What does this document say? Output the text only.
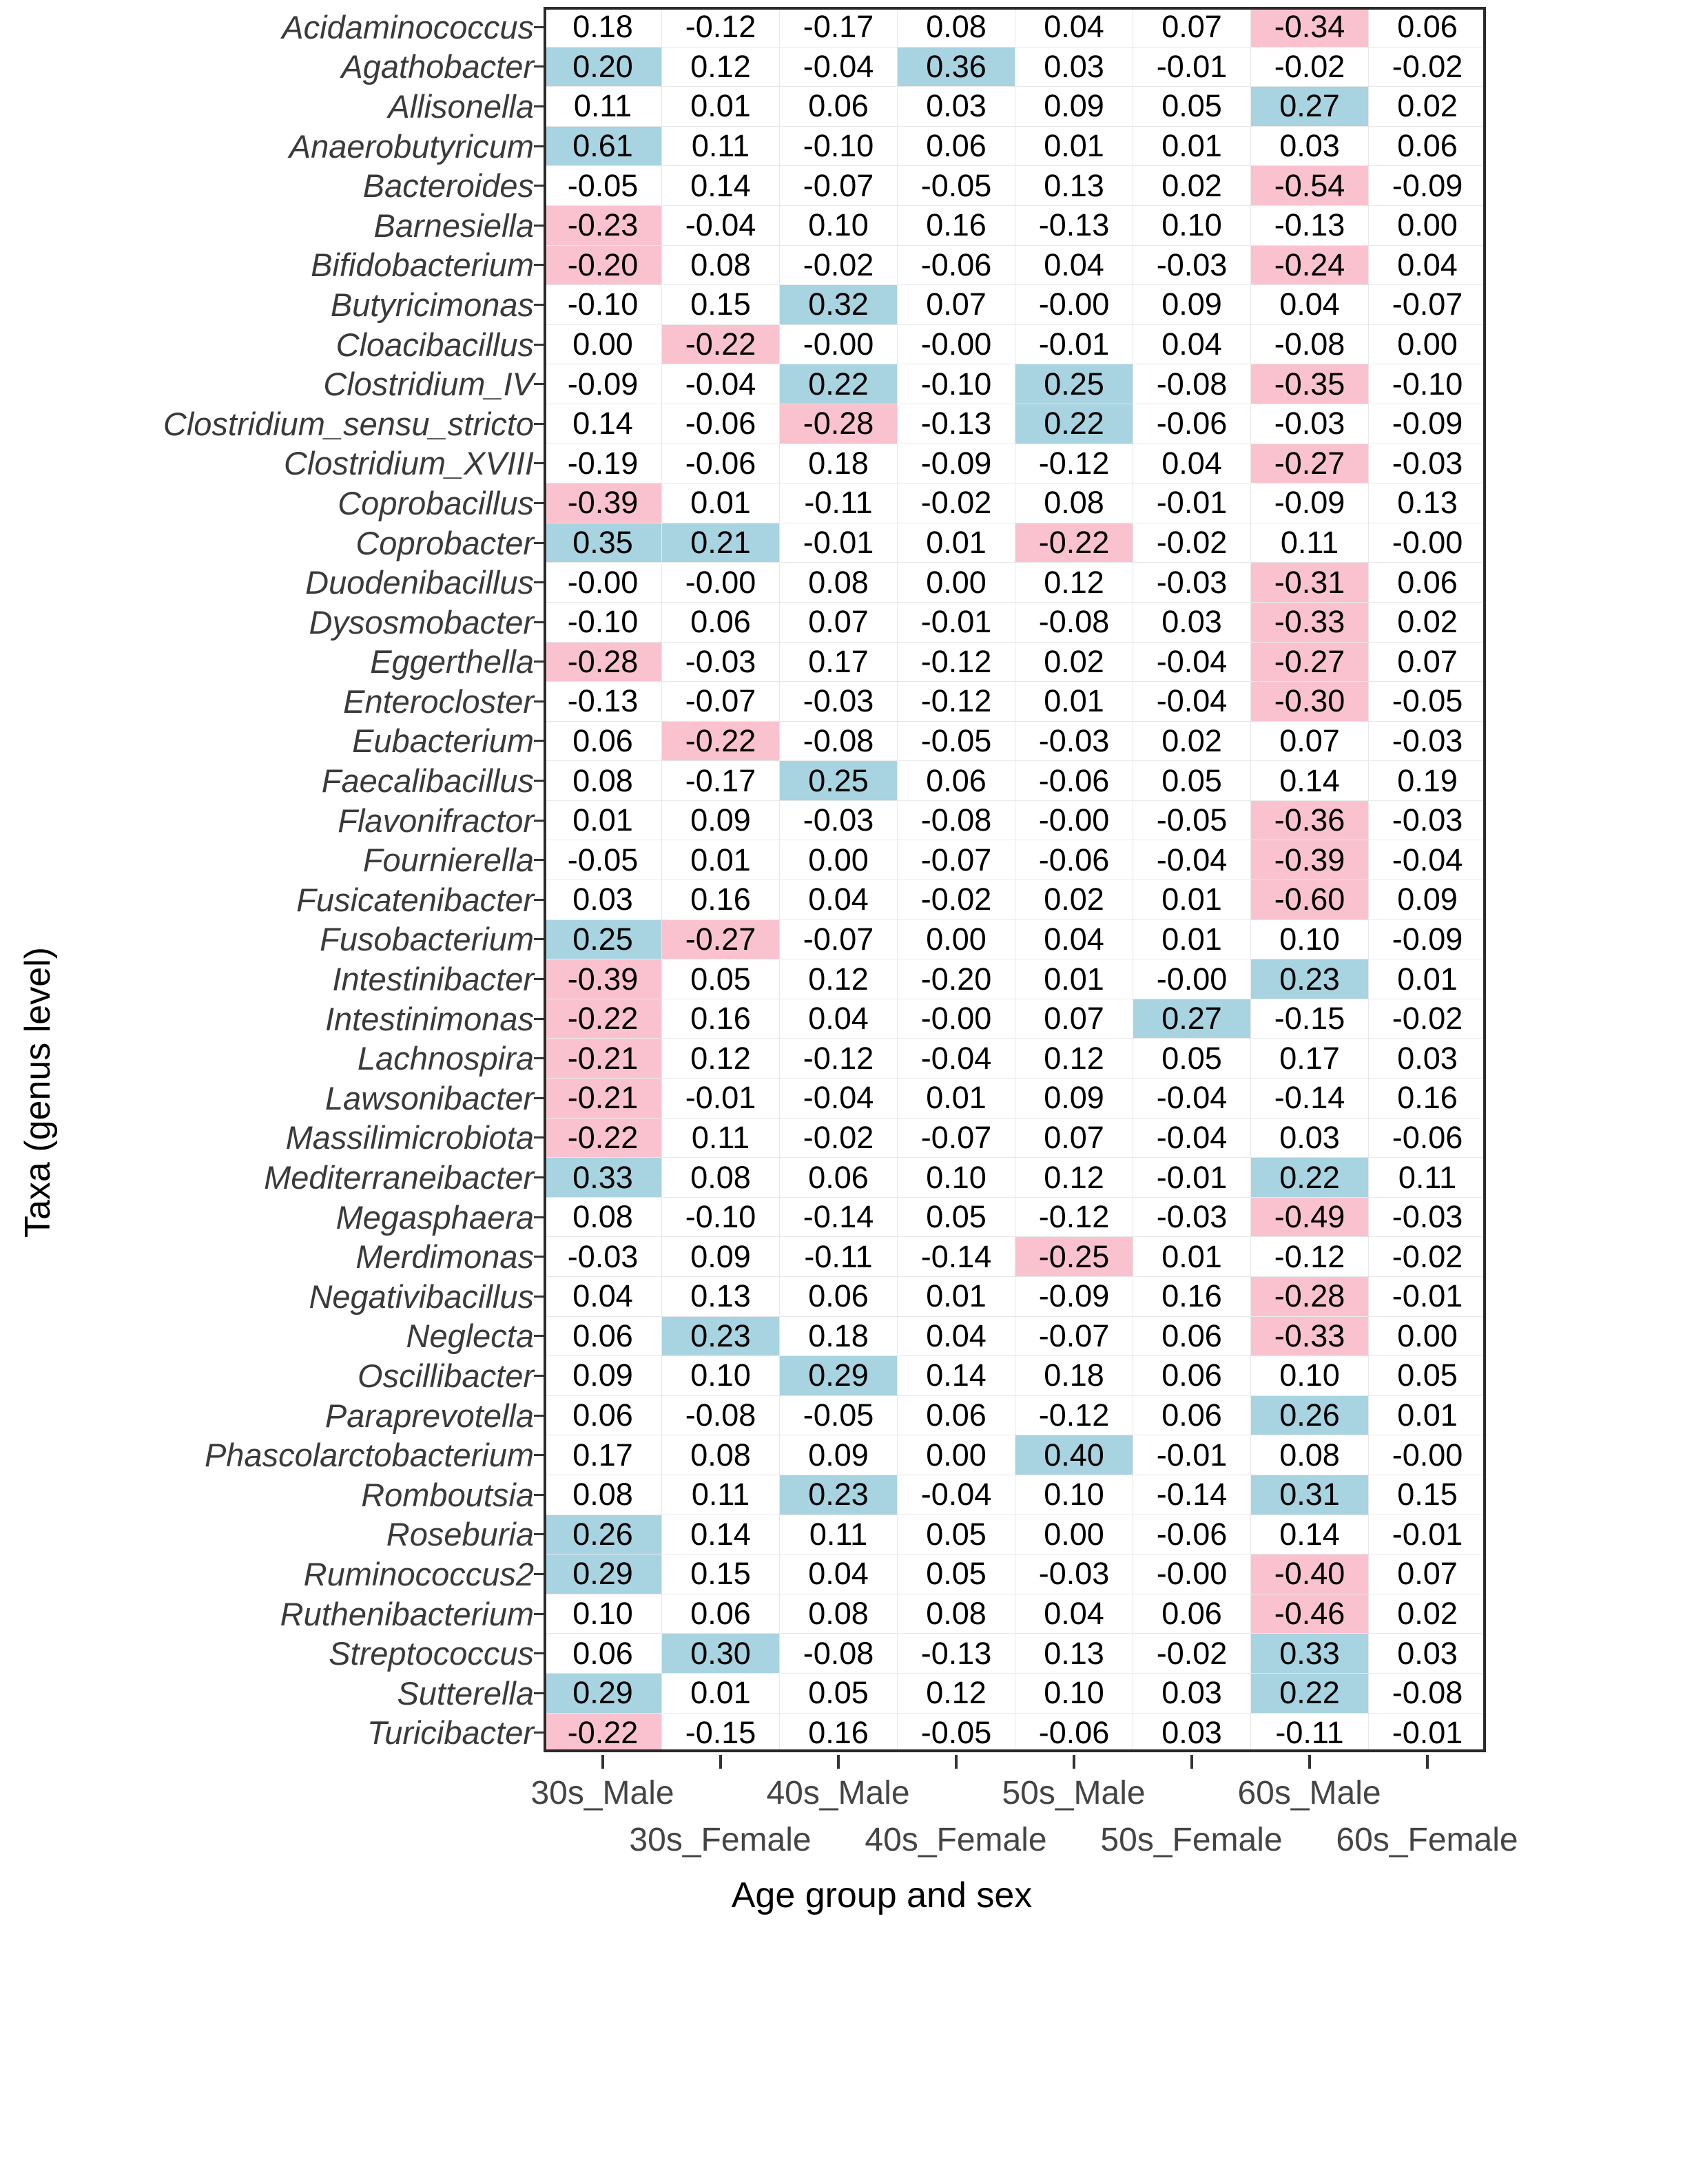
Taxa (genus level)
Acidaminococcus		0.18	-0.12	-0.17	0.08	0.04	0.07	-0.34	0.06
Agathobacter		0.20	0.12	-0.04	0.36	0.03	-0.01	-0.02	-0.02
Allisonella		0.11	0.01	0.06	0.03	0.09	0.05	0.27	0.02
Anaerobutyricum		0.61	0.11	-0.10	0.06	0.01	0.01	0.03	0.06
Bacteroides		-0.05	0.14	-0.07	-0.05	0.13	0.02	-0.54	-0.09
Barnesiella		-0.23	-0.04	0.10	0.16	-0.13	0.10	-0.13	0.00
Bifidobacterium		-0.20	0.08	-0.02	-0.06	0.04	-0.03	-0.24	0.04
Butyricimonas		-0.10	0.15	0.32	0.07	-0.00	0.09	0.04	-0.07
Cloacibacillus		0.00	-0.22	-0.00	-0.00	-0.01	0.04	-0.08	0.00
Clostridium_IV		-0.09	-0.04	0.22	-0.10	0.25	-0.08	-0.35	-0.10
Clostridium_sensu_stricto		0.14	-0.06	-0.28	-0.13	0.22	-0.06	-0.03	-0.09
Clostridium_XVIII		-0.19	-0.06	0.18	-0.09	-0.12	0.04	-0.27	-0.03
Coprobacillus		-0.39	0.01	-0.11	-0.02	0.08	-0.01	-0.09	0.13
Coprobacter		0.35	0.21	-0.01	0.01	-0.22	-0.02	0.11	-0.00
Duodenibacillus		-0.00	-0.00	0.08	0.00	0.12	-0.03	-0.31	0.06
Dysosmobacter		-0.10	0.06	0.07	-0.01	-0.08	0.03	-0.33	0.02
Eggerthella		-0.28	-0.03	0.17	-0.12	0.02	-0.04	-0.27	0.07
Enterocloster		-0.13	-0.07	-0.03	-0.12	0.01	-0.04	-0.30	-0.05
Eubacterium		0.06	-0.22	-0.08	-0.05	-0.03	0.02	0.07	-0.03
Faecalibacillus		0.08	-0.17	0.25	0.06	-0.06	0.05	0.14	0.19
Flavonifractor		0.01	0.09	-0.03	-0.08	-0.00	-0.05	-0.36	-0.03
Fournierella		-0.05	0.01	0.00	-0.07	-0.06	-0.04	-0.39	-0.04
Fusicatenibacter		0.03	0.16	0.04	-0.02	0.02	0.01	-0.60	0.09
Fusobacterium		0.25	-0.27	-0.07	0.00	0.04	0.01	0.10	-0.09
Intestinibacter		-0.39	0.05	0.12	-0.20	0.01	-0.00	0.23	0.01
Intestinimonas		-0.22	0.16	0.04	-0.00	0.07	0.27	-0.15	-0.02
Lachnospira		-0.21	0.12	-0.12	-0.04	0.12	0.05	0.17	0.03
Lawsonibacter		-0.21	-0.01	-0.04	0.01	0.09	-0.04	-0.14	0.16
Massilimicrobiota		-0.22	0.11	-0.02	-0.07	0.07	-0.04	0.03	-0.06
Mediterraneibacter		0.33	0.08	0.06	0.10	0.12	-0.01	0.22	0.11
Megasphaera		0.08	-0.10	-0.14	0.05	-0.12	-0.03	-0.49	-0.03
Merdimonas		-0.03	0.09	-0.11	-0.14	-0.25	0.01	-0.12	-0.02
Negativibacillus		0.04	0.13	0.06	0.01	-0.09	0.16	-0.28	-0.01
Neglecta		0.06	0.23	0.18	0.04	-0.07	0.06	-0.33	0.00
Oscillibacter		0.09	0.10	0.29	0.14	0.18	0.06	0.10	0.05
Paraprevotella		0.06	-0.08	-0.05	0.06	-0.12	0.06	0.26	0.01
Phascolarctobacterium		0.17	0.08	0.09	0.00	0.40	-0.01	0.08	-0.00
Romboutsia		0.08	0.11	0.23	-0.04	0.10	-0.14	0.31	0.15
Roseburia		0.26	0.14	0.11	0.05	0.00	-0.06	0.14	-0.01
Ruminococcus2		0.29	0.15	0.04	0.05	-0.03	-0.00	-0.40	0.07
Ruthenibacterium		0.10	0.06	0.08	0.08	0.04	0.06	-0.46	0.02
Streptococcus		0.06	0.30	-0.08	-0.13	0.13	-0.02	0.33	0.03
Sutterella		0.29	0.01	0.05	0.12	0.10	0.03	0.22	-0.08
Turicibacter		-0.22	-0.15	0.16	-0.05	-0.06	0.03	-0.11	-0.01
30s_Male
30s_Female
40s_Male
40s_Female
50s_Male
50s_Female
60s_Male
60s_Female
Age group and sex
